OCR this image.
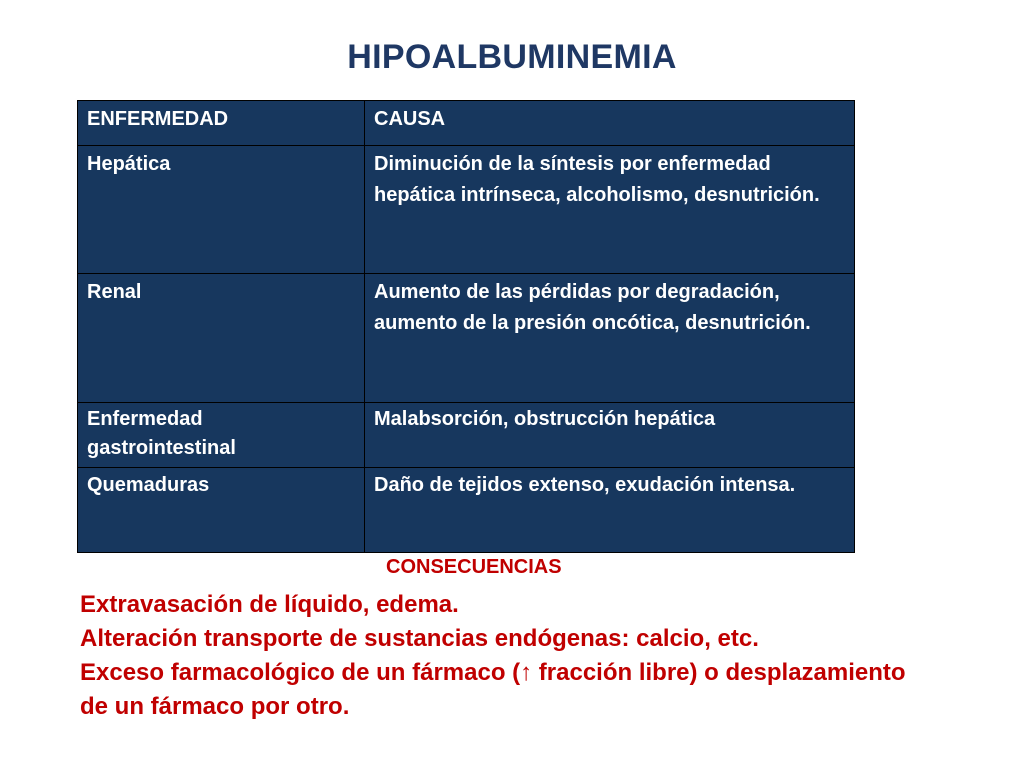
HIPOALBUMINEMIA
ENFERMEDAD	CAUSA
Hepática	Diminución de la síntesis por enfermedad hepática intrínseca, alcoholismo, desnutrición.
Renal	Aumento de las pérdidas por degradación, aumento de la presión oncótica, desnutrición.
Enfermedad gastrointestinal	Malabsorción, obstrucción hepática
Quemaduras	Daño de tejidos extenso, exudación intensa.
CONSECUENCIAS
Extravasación de líquido, edema.
Alteración transporte de sustancias endógenas: calcio, etc.
Exceso farmacológico de un fármaco (↑ fracción libre) o desplazamiento de un fármaco por otro.
